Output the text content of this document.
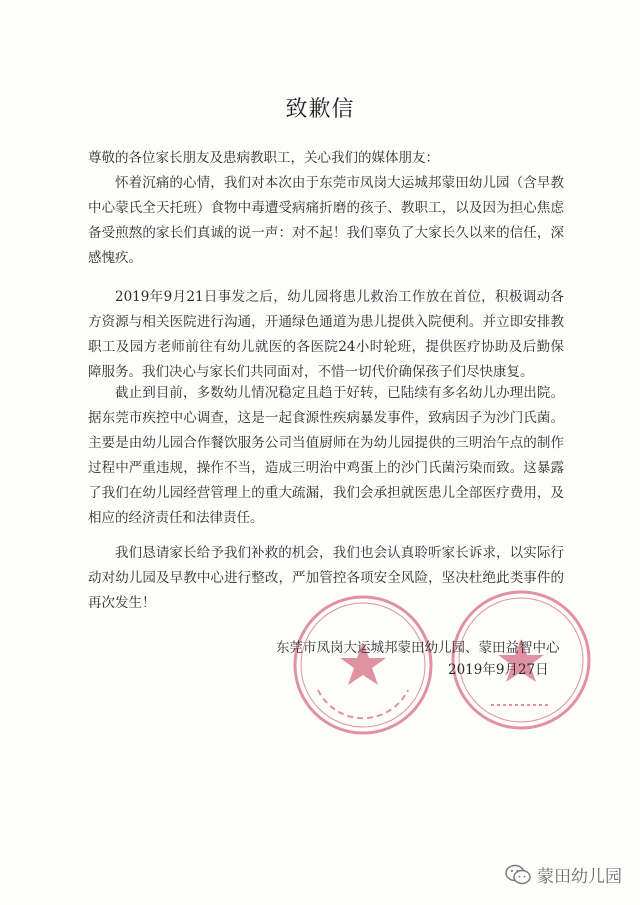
致歉信
尊敬的各位家长朋友及患病教职工，关心我们的媒体朋友：

怀着沉痛的心情，我们对本次由于东莞市凤岗大运城邦蒙田幼儿园（含早教中心蒙氏全天托班）食物中毒遭受病痛折磨的孩子、教职工，以及因为担心焦虑备受煎熬的家长们真诚的说一声：对不起！我们辜负了大家长久以来的信任，深感愧疚。

2019年9月21日事发之后，幼儿园将患儿救治工作放在首位，积极调动各方资源与相关医院进行沟通，开通绿色通道为患儿提供入院便利。并立即安排教职工及园方老师前往有幼儿就医的各医院24小时轮班，提供医疗协助及后勤保障服务。我们决心与家长们共同面对，不惜一切代价确保孩子们尽快康复。

截止到目前，多数幼儿情况稳定且趋于好转，已陆续有多名幼儿办理出院。据东莞市疾控中心调查，这是一起食源性疾病暴发事件，致病因子为沙门氏菌。主要是由幼儿园合作餐饮服务公司当值厨师在为幼儿园提供的三明治午点的制作过程中严重违规，操作不当，造成三明治中鸡蛋上的沙门氏菌污染而致。这暴露了我们在幼儿园经营管理上的重大疏漏，我们会承担就医患儿全部医疗费用，及相应的经济责任和法律责任。

我们恳请家长给予我们补救的机会，我们也会认真聆听家长诉求，以实际行动对幼儿园及早教中心进行整改，严加管控各项安全风险，坚决杜绝此类事件的再次发生！

东莞市凤岗大运城邦蒙田幼儿园、蒙田益智中心
2019年9月27日
蒙田幼儿园
